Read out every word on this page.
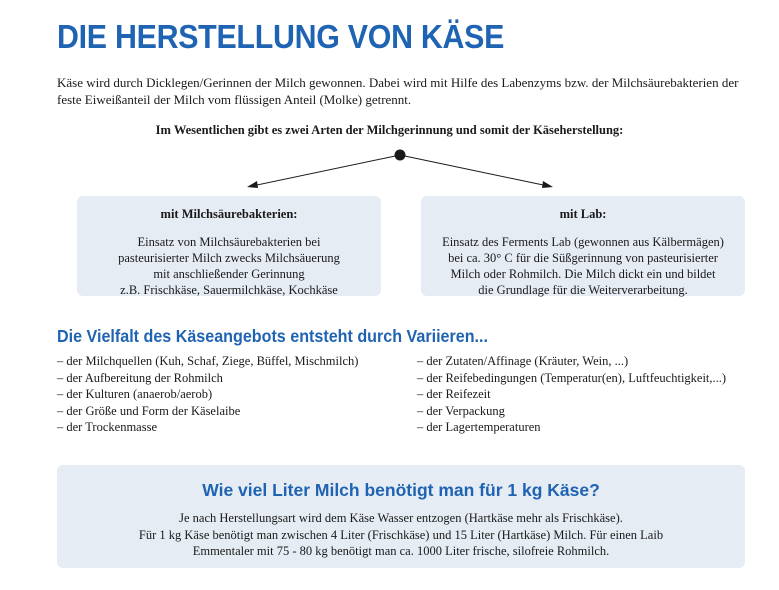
DIE HERSTELLUNG VON KÄSE

Käse wird durch Dicklegen/Gerinnen der Milch gewonnen. Dabei wird mit Hilfe des Labenzyms bzw. der Milchsäurebakterien der feste Eiweißanteil der Milch vom flüssigen Anteil (Molke) getrennt.

Im Wesentlichen gibt es zwei Arten der Milchgerinnung und somit der Käseherstellung:

mit Milchsäurebakterien:
Einsatz von Milchsäurebakterien bei
pasteurisierter Milch zwecks Milchsäuerung
mit anschließender Gerinnung
z.B. Frischkäse, Sauermilchkäse, Kochkäse
mit Lab:
Einsatz des Ferments Lab (gewonnen aus Kälbermägen)
bei ca. 30° C für die Süßgerinnung von pasteurisierter
Milch oder Rohmilch. Die Milch dickt ein und bildet
die Grundlage für die Weiterverarbeitung.
Die Vielfalt des Käseangebots entsteht durch Variieren...
– der Milchquellen (Kuh, Schaf, Ziege, Büffel, Mischmilch)
– der Aufbereitung der Rohmilch
– der Kulturen (anaerob/aerob)
– der Größe und Form der Käselaibe
– der Trockenmasse
– der Zutaten/Affinage (Kräuter, Wein, ...)
– der Reifebedingungen (Temperatur(en), Luftfeuchtigkeit,...)
– der Reifezeit
– der Verpackung
– der Lagertemperaturen
Wie viel Liter Milch benötigt man für 1 kg Käse?
Je nach Herstellungsart wird dem Käse Wasser entzogen (Hartkäse mehr als Frischkäse).
Für 1 kg Käse benötigt man zwischen 4 Liter (Frischkäse) und 15 Liter (Hartkäse) Milch. Für einen Laib
Emmentaler mit 75 - 80 kg benötigt man ca. 1000 Liter frische, silofreie Rohmilch.
